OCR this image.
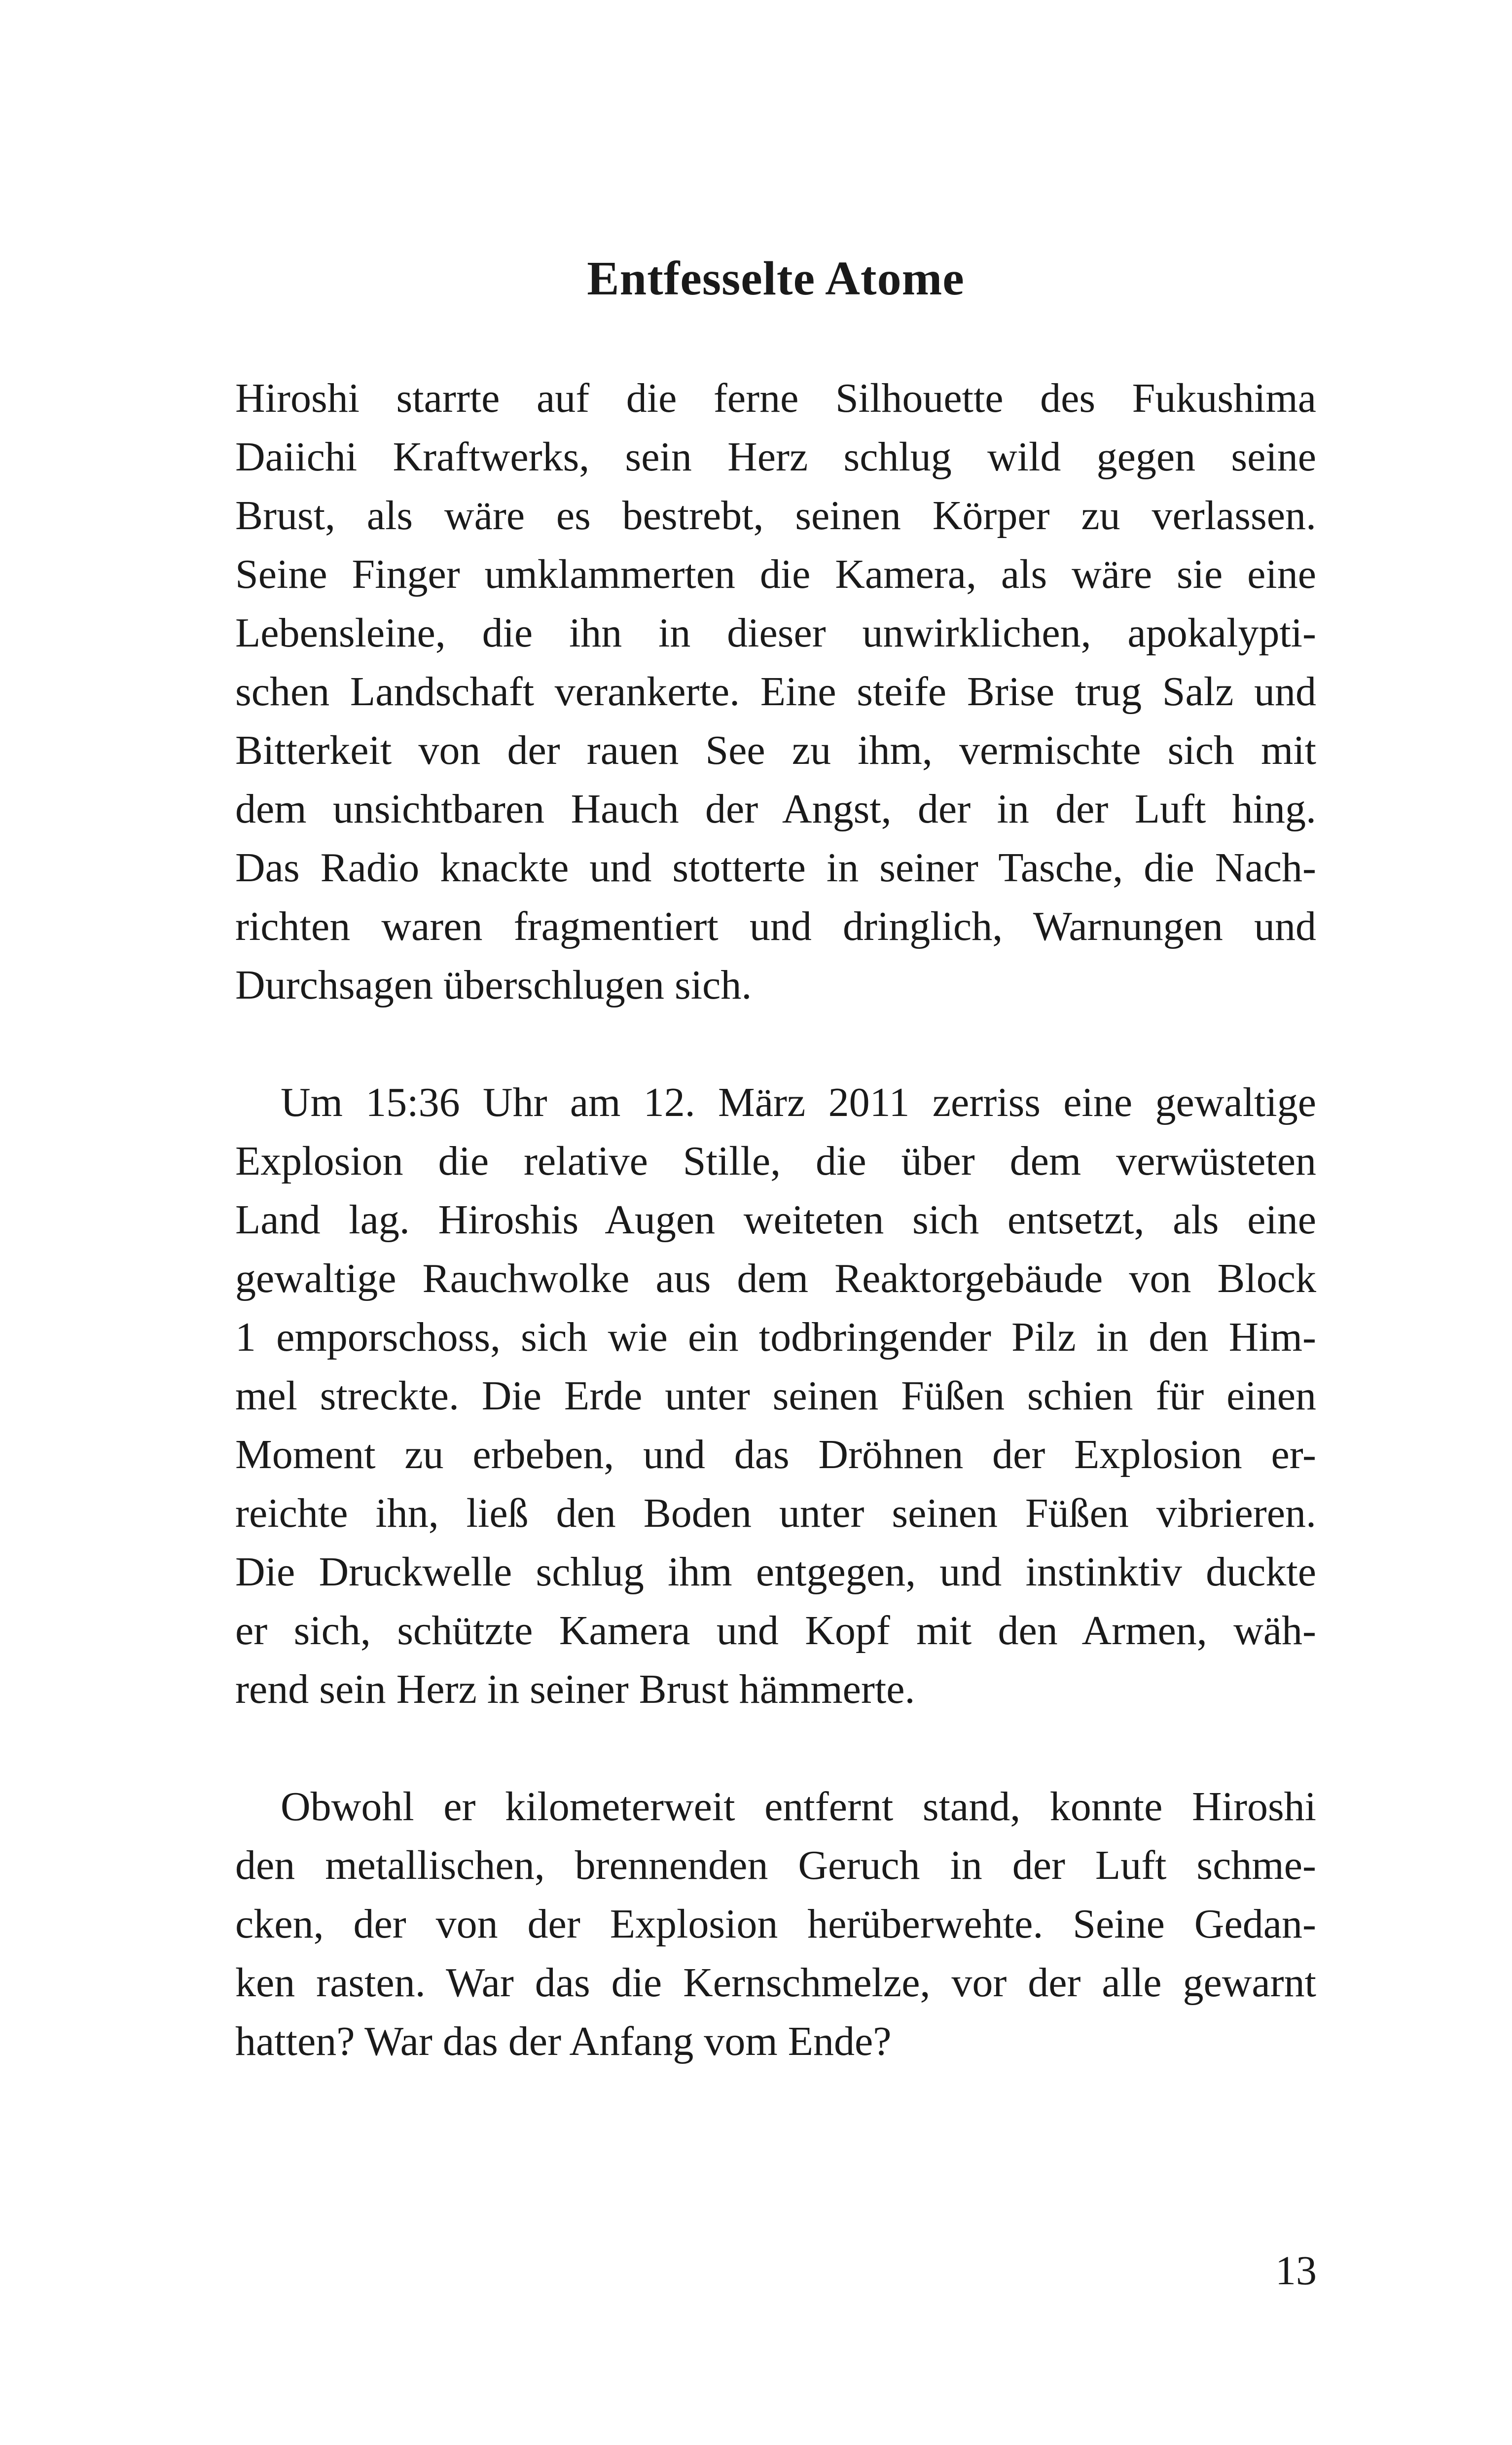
Entfesselte Atome

Hiroshi starrte auf die ferne Silhouette des Fukushima
Daiichi Kraftwerks, sein Herz schlug wild gegen seine
Brust, als wäre es bestrebt, seinen Körper zu verlassen.
Seine Finger umklammerten die Kamera, als wäre sie eine
Lebensleine, die ihn in dieser unwirklichen, apokalypti-
schen Landschaft verankerte. Eine steife Brise trug Salz und
Bitterkeit von der rauen See zu ihm, vermischte sich mit
dem unsichtbaren Hauch der Angst, der in der Luft hing.
Das Radio knackte und stotterte in seiner Tasche, die Nach-
richten waren fragmentiert und dringlich, Warnungen und
Durchsagen überschlugen sich.

Um 15:36 Uhr am 12. März 2011 zerriss eine gewaltige
Explosion die relative Stille, die über dem verwüsteten
Land lag. Hiroshis Augen weiteten sich entsetzt, als eine
gewaltige Rauchwolke aus dem Reaktorgebäude von Block
1 emporschoss, sich wie ein todbringender Pilz in den Him-
mel streckte. Die Erde unter seinen Füßen schien für einen
Moment zu erbeben, und das Dröhnen der Explosion er-
reichte ihn, ließ den Boden unter seinen Füßen vibrieren.
Die Druckwelle schlug ihm entgegen, und instinktiv duckte
er sich, schützte Kamera und Kopf mit den Armen, wäh-
rend sein Herz in seiner Brust hämmerte.

Obwohl er kilometerweit entfernt stand, konnte Hiroshi
den metallischen, brennenden Geruch in der Luft schme-
cken, der von der Explosion herüberwehte. Seine Gedan-
ken rasten. War das die Kernschmelze, vor der alle gewarnt
hatten? War das der Anfang vom Ende?

13
